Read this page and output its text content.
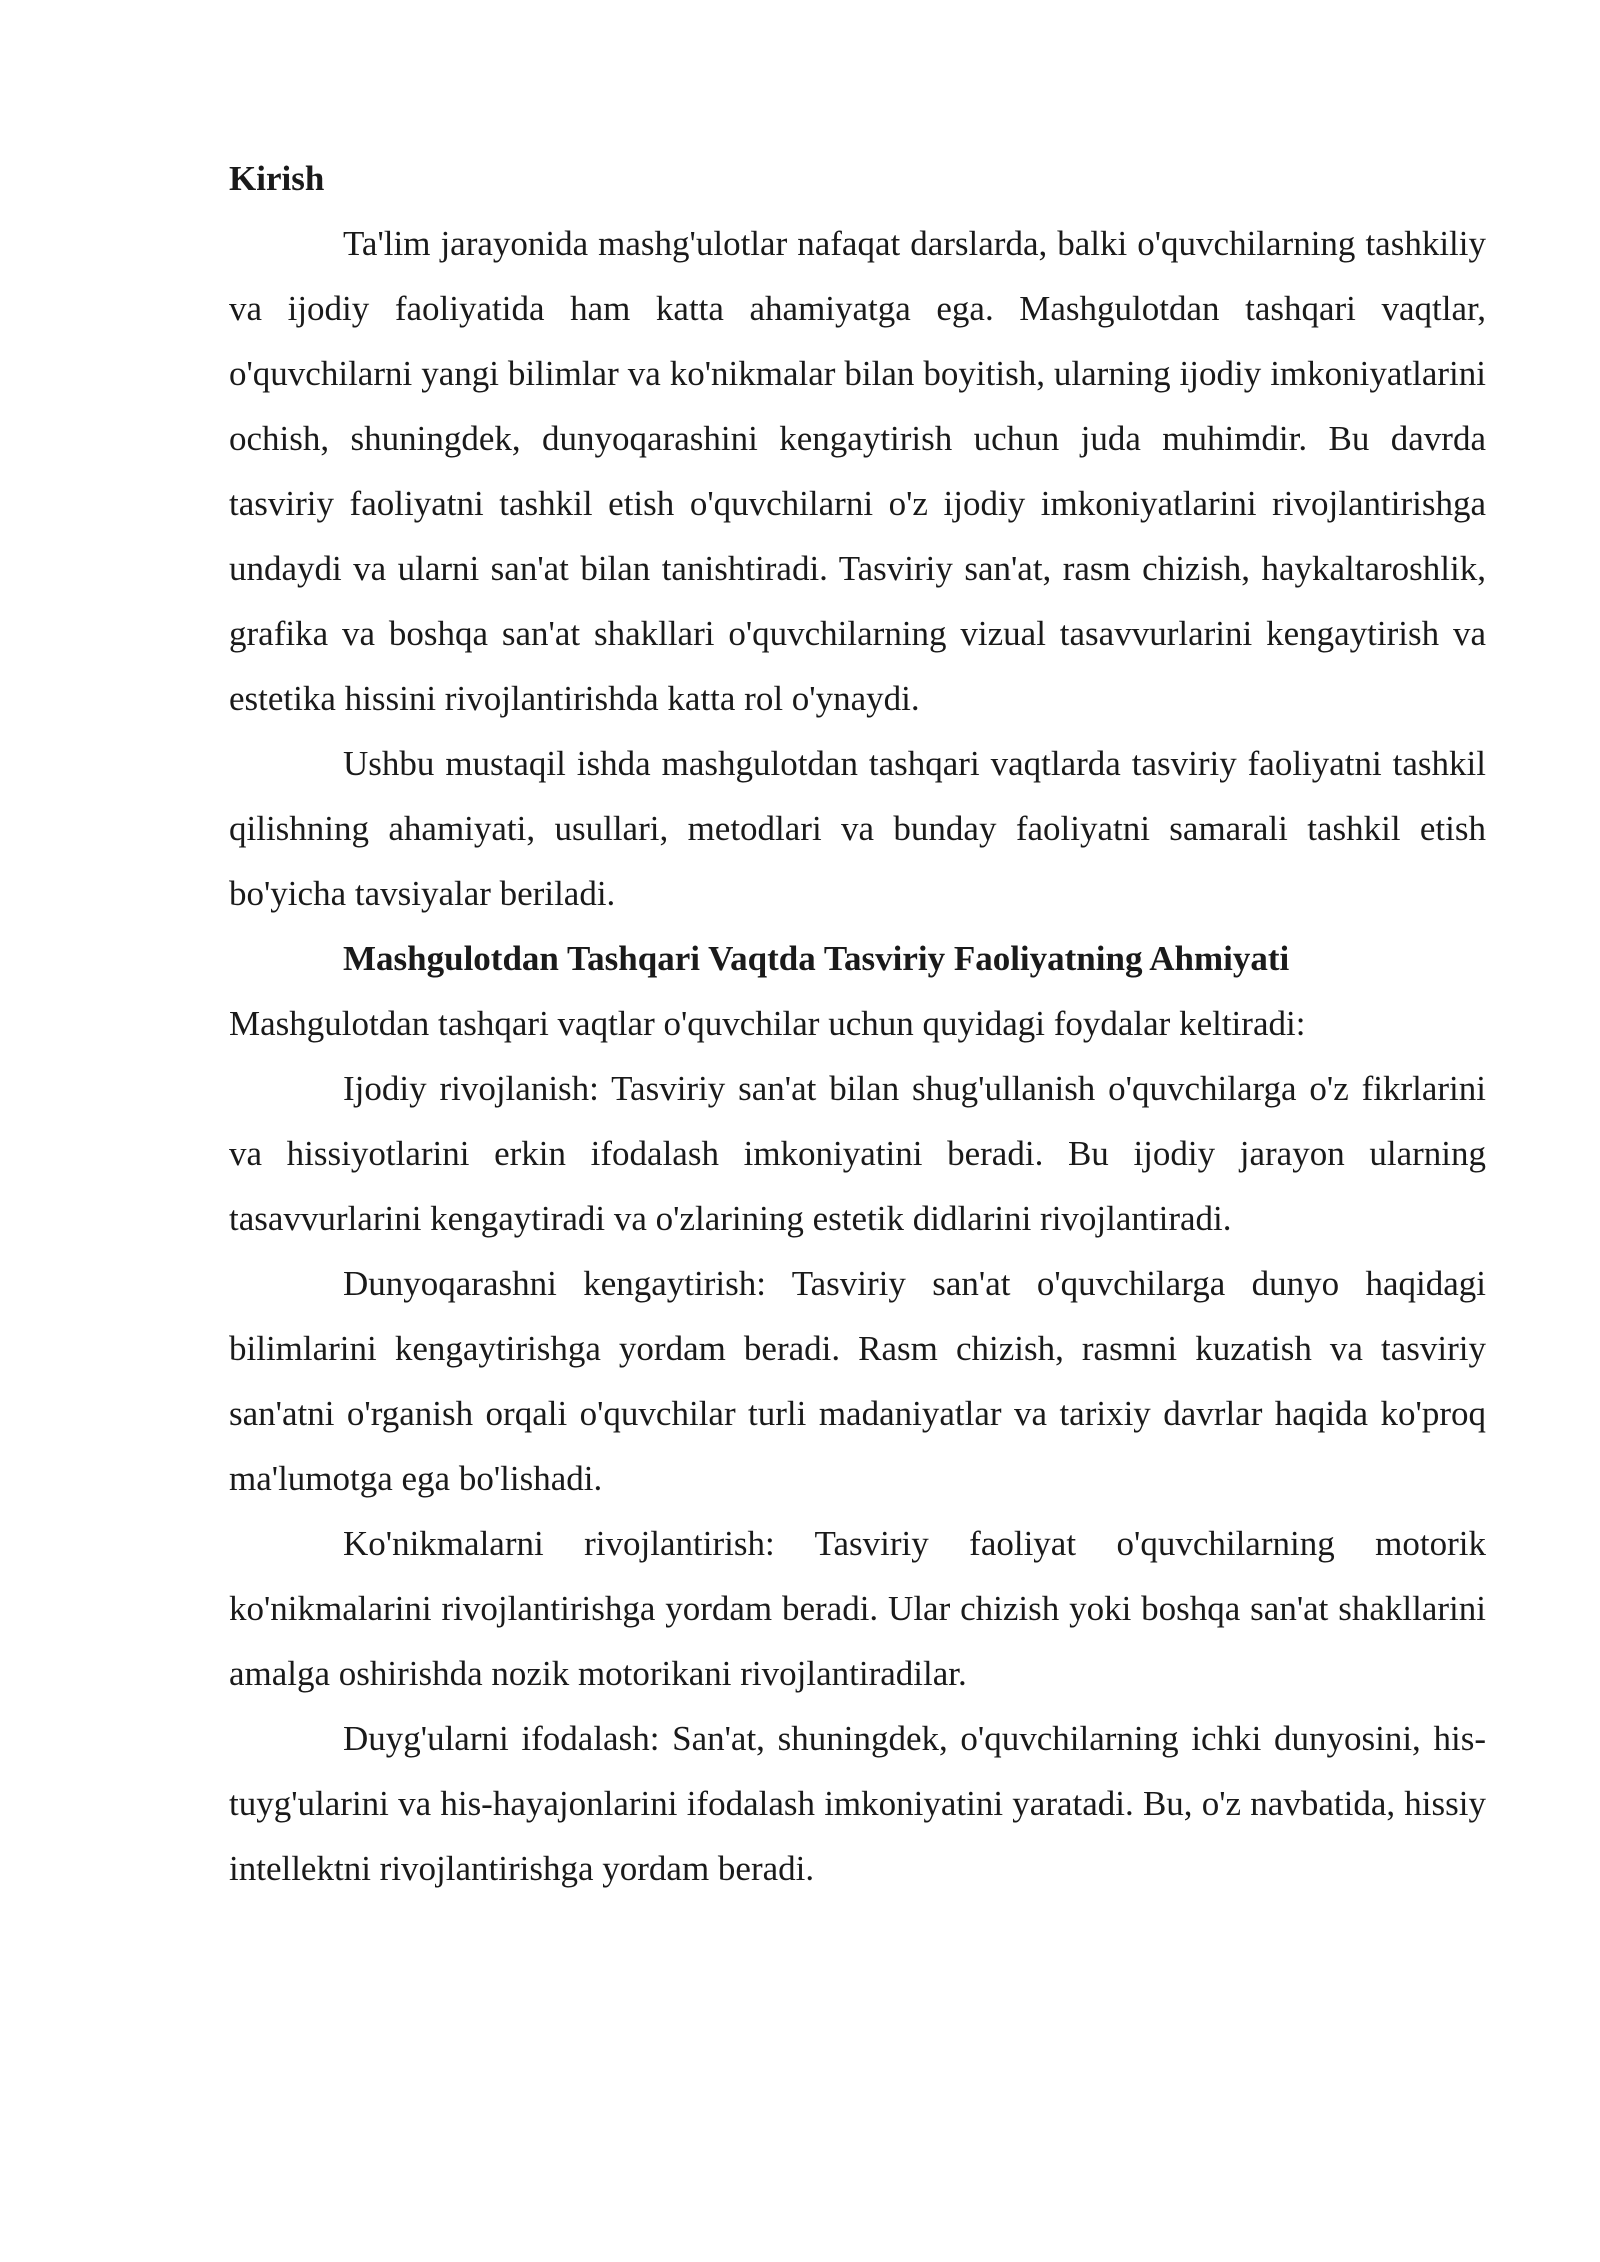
Kirish

Ta'lim jarayonida mashg'ulotlar nafaqat darslarda, balki o'quvchilarning tashkiliy va ijodiy faoliyatida ham katta ahamiyatga ega. Mashgulotdan tashqari vaqtlar, o'quvchilarni yangi bilimlar va ko'nikmalar bilan boyitish, ularning ijodiy imkoniyatlarini ochish, shuningdek, dunyoqarashini kengaytirish uchun juda muhimdir. Bu davrda tasviriy faoliyatni tashkil etish o'quvchilarni o'z ijodiy imkoniyatlarini rivojlantirishga undaydi va ularni san'at bilan tanishtiradi. Tasviriy san'at, rasm chizish, haykaltaroshlik, grafika va boshqa san'at shakllari o'quvchilarning vizual tasavvurlarini kengaytirish va estetika hissini rivojlantirishda katta rol o'ynaydi.

Ushbu mustaqil ishda mashgulotdan tashqari vaqtlarda tasviriy faoliyatni tashkil qilishning ahamiyati, usullari, metodlari va bunday faoliyatni samarali tashkil etish bo'yicha tavsiyalar beriladi.

Mashgulotdan Tashqari Vaqtda Tasviriy Faoliyatning Ahmiyati

Mashgulotdan tashqari vaqtlar o'quvchilar uchun quyidagi foydalar keltiradi:

Ijodiy rivojlanish: Tasviriy san'at bilan shug'ullanish o'quvchilarga o'z fikrlarini va hissiyotlarini erkin ifodalash imkoniyatini beradi. Bu ijodiy jarayon ularning tasavvurlarini kengaytiradi va o'zlarining estetik didlarini rivojlantiradi.

Dunyoqarashni kengaytirish: Tasviriy san'at o'quvchilarga dunyo haqidagi bilimlarini kengaytirishga yordam beradi. Rasm chizish, rasmni kuzatish va tasviriy san'atni o'rganish orqali o'quvchilar turli madaniyatlar va tarixiy davrlar haqida ko'proq ma'lumotga ega bo'lishadi.

Ko'nikmalarni rivojlantirish: Tasviriy faoliyat o'quvchilarning motorik ko'nikmalarini rivojlantirishga yordam beradi. Ular chizish yoki boshqa san'at shakllarini amalga oshirishda nozik motorikani rivojlantiradilar.

Duyg'ularni ifodalash: San'at, shuningdek, o'quvchilarning ichki dunyosini, his-tuyg'ularini va his-hayajonlarini ifodalash imkoniyatini yaratadi. Bu, o'z navbatida, hissiy intellektni rivojlantirishga yordam beradi.
